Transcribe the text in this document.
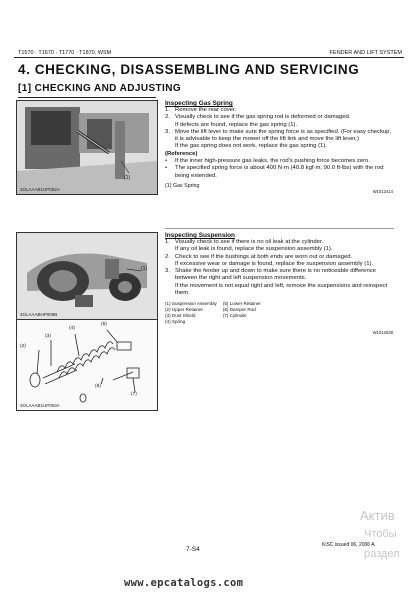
T1570 · T1670 · T1770 · T1870, WSM	FENDER AND LIFT SYSTEM
4. CHECKING, DISASSEMBLING AND SERVICING
[1] CHECKING AND ADJUSTING
(1)
3GLAAAB1UP002A
Inspecting Gas Spring
1. Remove the rear cover.
2. Visually check to see if the gas spring rod is deformed or damaged.
If defects are found, replace the gas spring (1).
3. Move the lift lever to make sure the spring force is as specified. (For easy checkup, it is advisable to keep the mower off the lift link and move the lift lever.)
If the gas spring does not work, replace the gas spring (1).
(Reference)
• If the inner high-pressure gas leaks, the rod's pushing force becomes zero.
• The specified spring force is about 400 N·m (40.8 kgf·m, 90.0 ft-lbs) with the rod being extended.
(1) Gas Spring
W1012414
(1)
3GLAAABHP009B
(2)
(3)
(4)
(5)
(6)
(7)
3GLAAAB1UP003A
Inspecting Suspension
1. Visually check to see if there is no oil leak at the cylinder.
If any oil leak is found, replace the suspension assembly (1).
2. Check to see if the bushings at both ends are worn out or damaged.
If excessive wear or damage is found, replace the suspension assembly (1).
3. Shake the fender up and down to make sure there is no noticeable difference between the right and left suspension movements.
If the movement is not equal right and left, remove the suspensions and reinspect them.
(1) Suspension Assembly	(5) Lower Retainer
(2) Upper Retainer	(6) Damper Rod
(3) Dust Shield	(7) Cylinder
(4) Spring	
W1012548
Актив
Чтобы
раздел
7-S4
KiSC issued 06, 2006 A
www.epcatalogs.com
